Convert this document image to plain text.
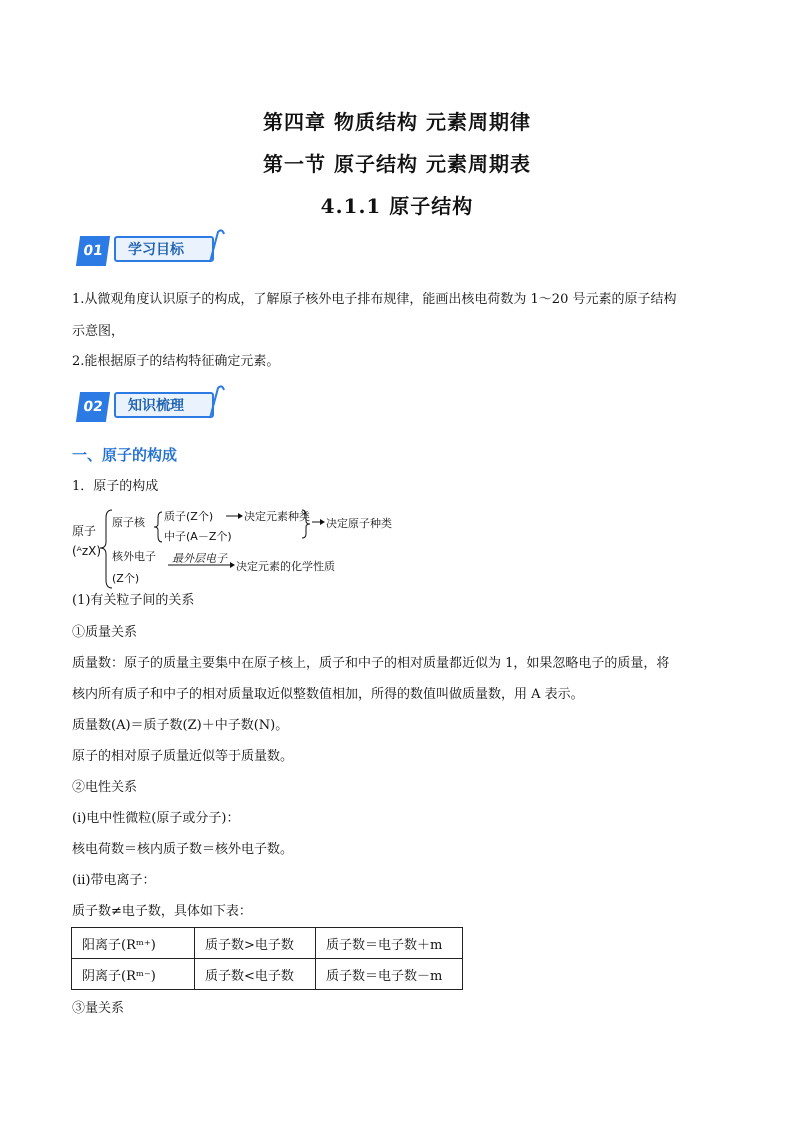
第四章 物质结构 元素周期律
第一节 原子结构 元素周期表
4.1.1 原子结构
01	学习目标
1.从微观角度认识原子的构成，了解原子核外电子排布规律，能画出核电荷数为 1～20 号元素的原子结构
示意图，
2.能根据原子的结构特征确定元素。
02	知识梳理
一、原子的构成
1．原子的构成
原子
(ᴬᴢX)
原子核 质子(Z个)	决定元素种类
中子(A－Z个)
决定原子种类
核外电子 最外层电子
决定元素的化学性质
(Z个)
(1)有关粒子间的关系
①质量关系
质量数：原子的质量主要集中在原子核上，质子和中子的相对质量都近似为 1，如果忽略电子的质量，将
核内所有质子和中子的相对质量取近似整数值相加，所得的数值叫做质量数，用 A 表示。
质量数(A)＝质子数(Z)＋中子数(N)。
原子的相对原子质量近似等于质量数。
②电性关系
(i)电中性微粒(原子或分子)：
核电荷数＝核内质子数＝核外电子数。
(ii)带电离子：
质子数≠电子数，具体如下表：
阳离子(Rᵐ⁺)	质子数>电子数	质子数＝电子数＋m
阴离子(Rᵐ⁻)	质子数<电子数	质子数＝电子数－m
③量关系
